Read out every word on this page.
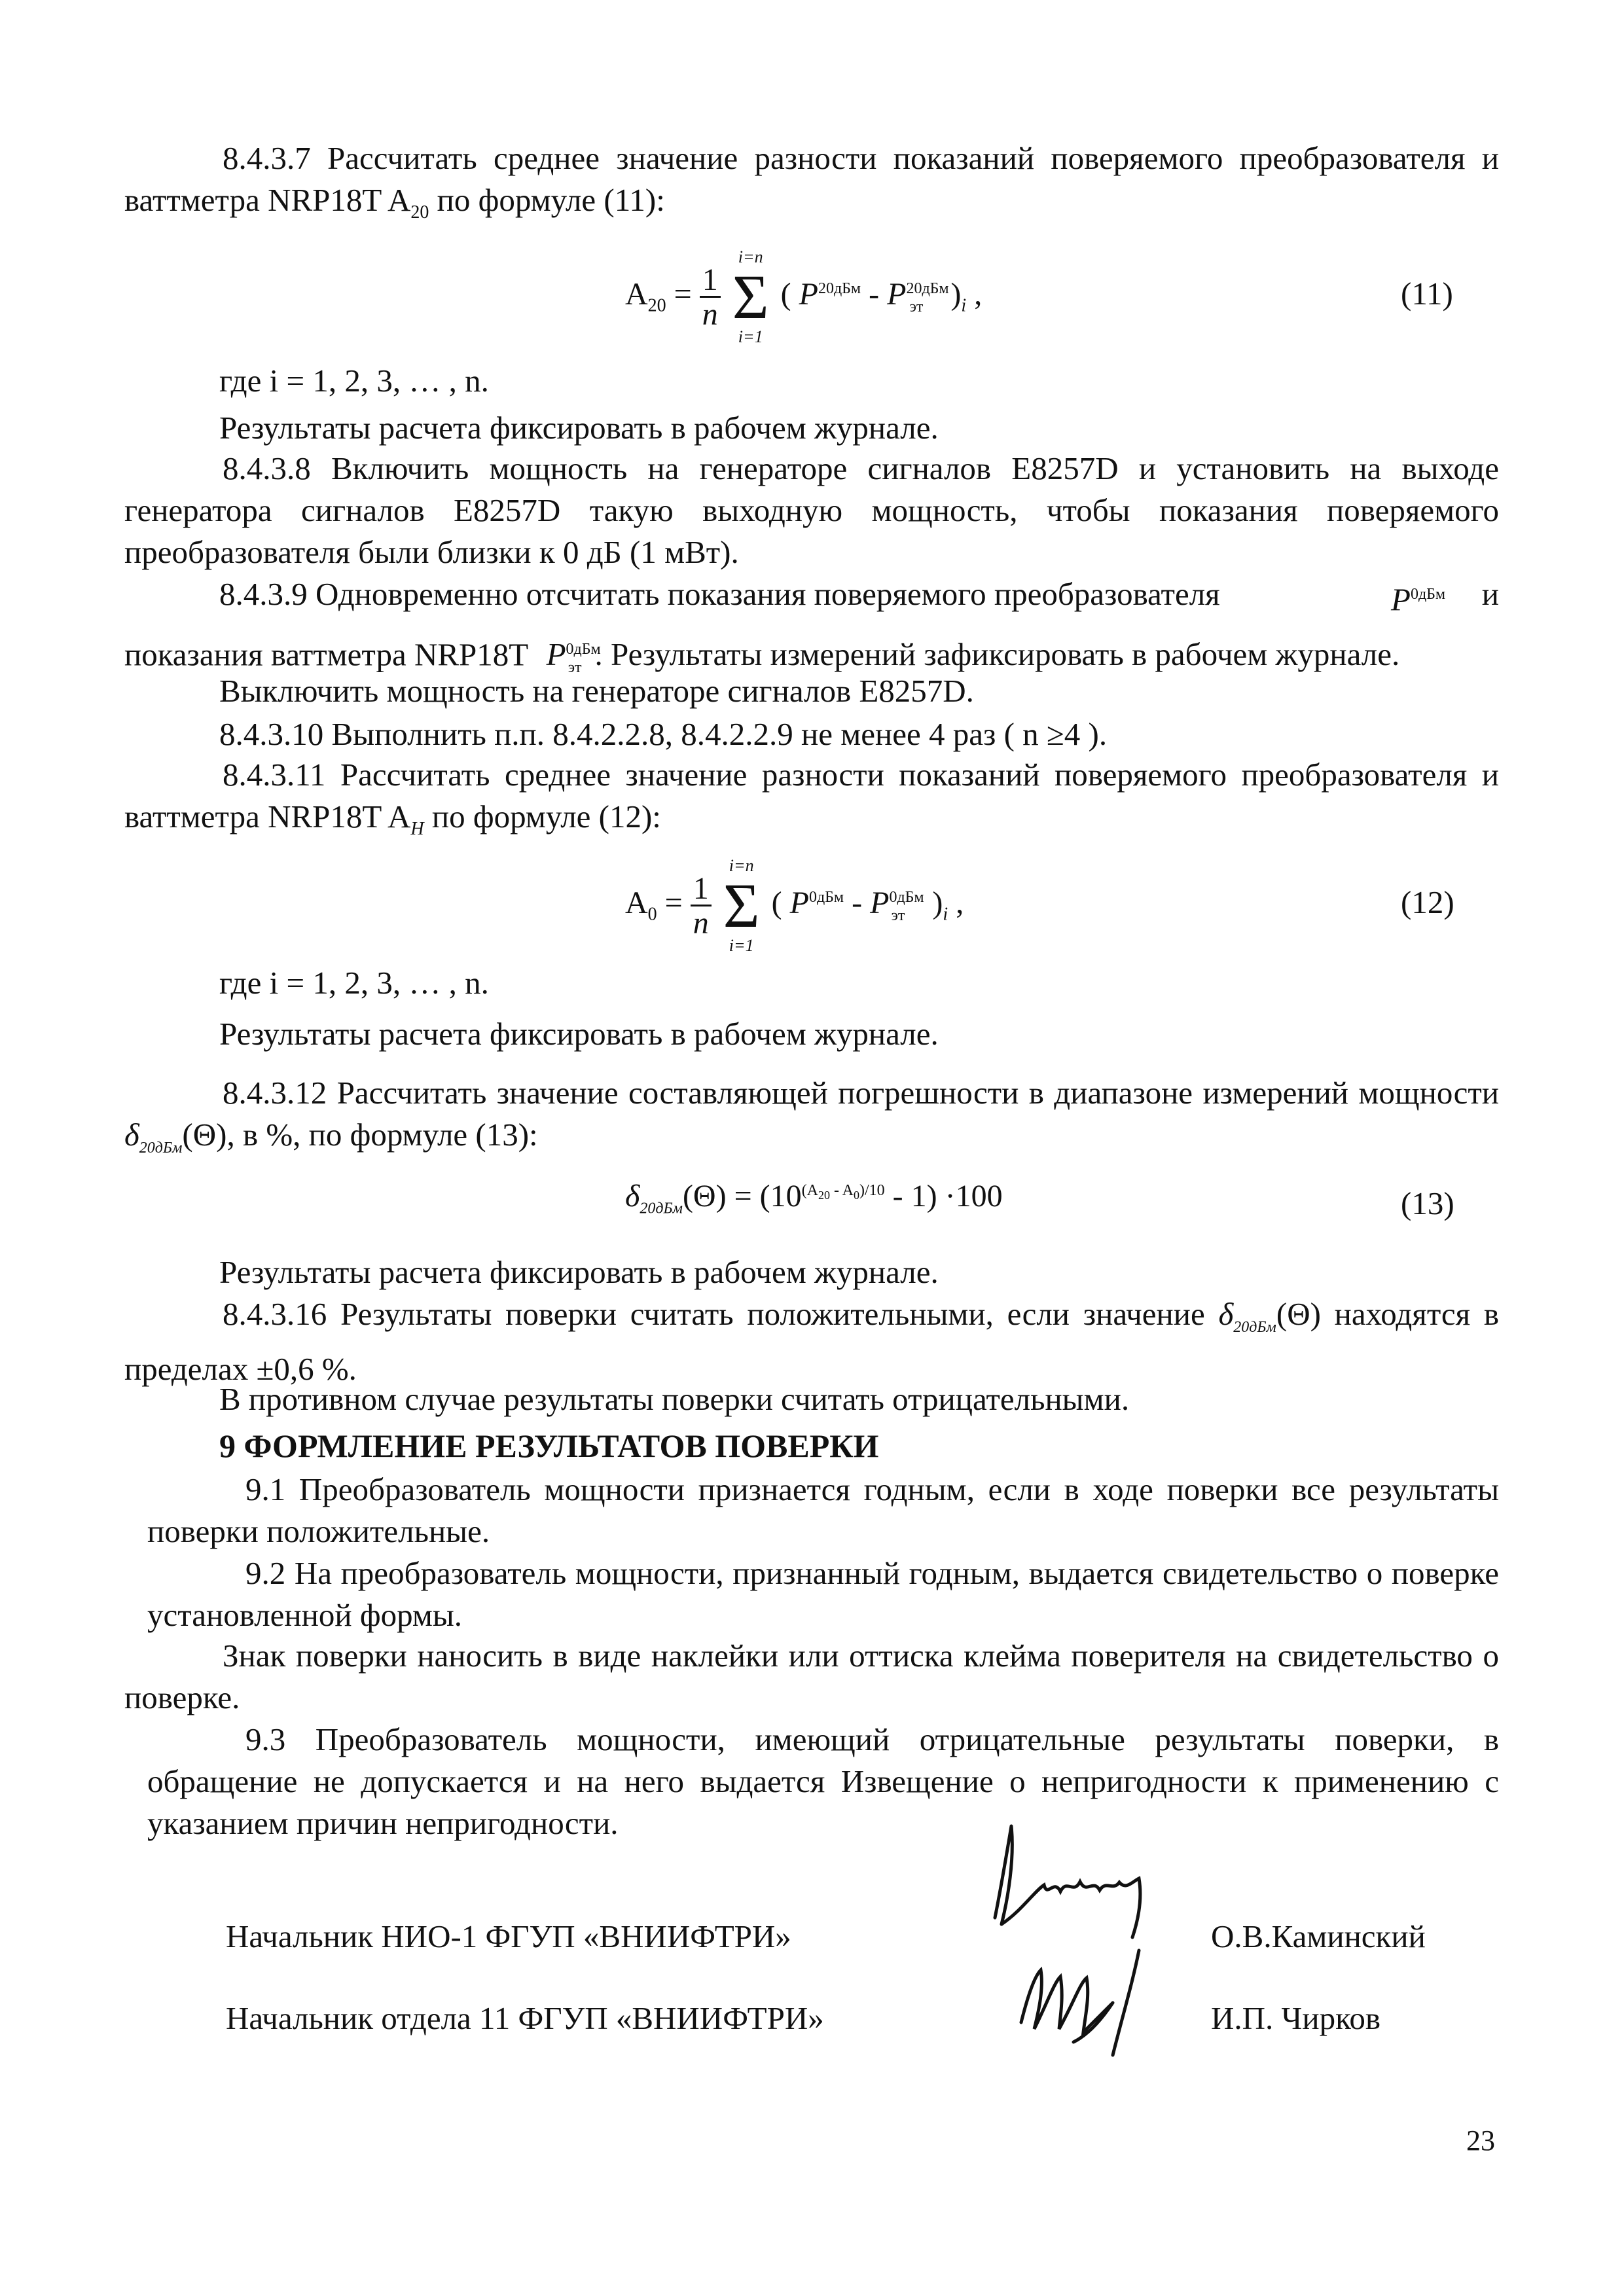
8.4.3.7 Рассчитать среднее значение разности показаний поверяемого преобразователя и ваттметра NRP18T $A_{20}$ по формуле (11):

$A_{20} = \frac{1}{n}$

i=n
Σ
i=1
( $P^{20дБм} - P^{20дБм}_{эт}$ )$_i$ ,	(11)

где i = 1, 2, 3, … , n.

Результаты расчета фиксировать в рабочем журнале.

8.4.3.8 Включить мощность на генераторе сигналов E8257D и установить на выходе генератора сигналов E8257D такую выходную мощность, чтобы показания поверяемого преобразователя были близки к 0 дБ (1 мВт).

8.4.3.9 Одновременно отсчитать показания поверяемого преобразователя	$P^{0дБм}$ и

показания ваттметра NRP18T $P^{0дБм}_{эт}$ . Результаты измерений зафиксировать в рабочем журнале.

Выключить мощность на генераторе сигналов E8257D.

8.4.3.10 Выполнить п.п. 8.4.2.2.8, 8.4.2.2.9 не менее 4 раз ( n ≥4 ).

8.4.3.11 Рассчитать среднее значение разности показаний поверяемого преобразователя и ваттметра NRP18T $A_Н$ по формуле (12):

$A_0 = \frac{1}{n}$

i=n
Σ
i=1
( $P^{0дБм} - P^{0дБм}_{эт}$ )$_i$ ,	(12)

где i = 1, 2, 3, … , n.

Результаты расчета фиксировать в рабочем журнале.

8.4.3.12 Рассчитать значение составляющей погрешности в диапазоне измерений мощности $\delta_{20дБм}(\Theta)$, в %, по формуле (13):

$\delta_{20дБм}(\Theta) = (10^{(A_{20} - A_0)/10} - 1) \cdot 100$	(13)

Результаты расчета фиксировать в рабочем журнале.

8.4.3.16 Результаты поверки считать положительными, если значение $\delta_{20дБм}(\Theta)$ находятся в пределах ±0,6 %.

В противном случае результаты поверки считать отрицательными.

9 ФОРМЛЕНИЕ РЕЗУЛЬТАТОВ ПОВЕРКИ

9.1 Преобразователь мощности признается годным, если в ходе поверки все результаты поверки положительные.

9.2 На преобразователь мощности, признанный годным, выдается свидетельство о поверке установленной формы.

Знак поверки наносить в виде наклейки или оттиска клейма поверителя на свидетельство о поверке.

9.3 Преобразователь мощности, имеющий отрицательные результаты поверки, в обращение не допускается и на него выдается Извещение о непригодности к применению с указанием причин непригодности.

Начальник НИО-1 ФГУП «ВНИИФТРИ»	О.В.Каминский
Начальник отдела 11 ФГУП «ВНИИФТРИ»	И.П. Чирков
23
